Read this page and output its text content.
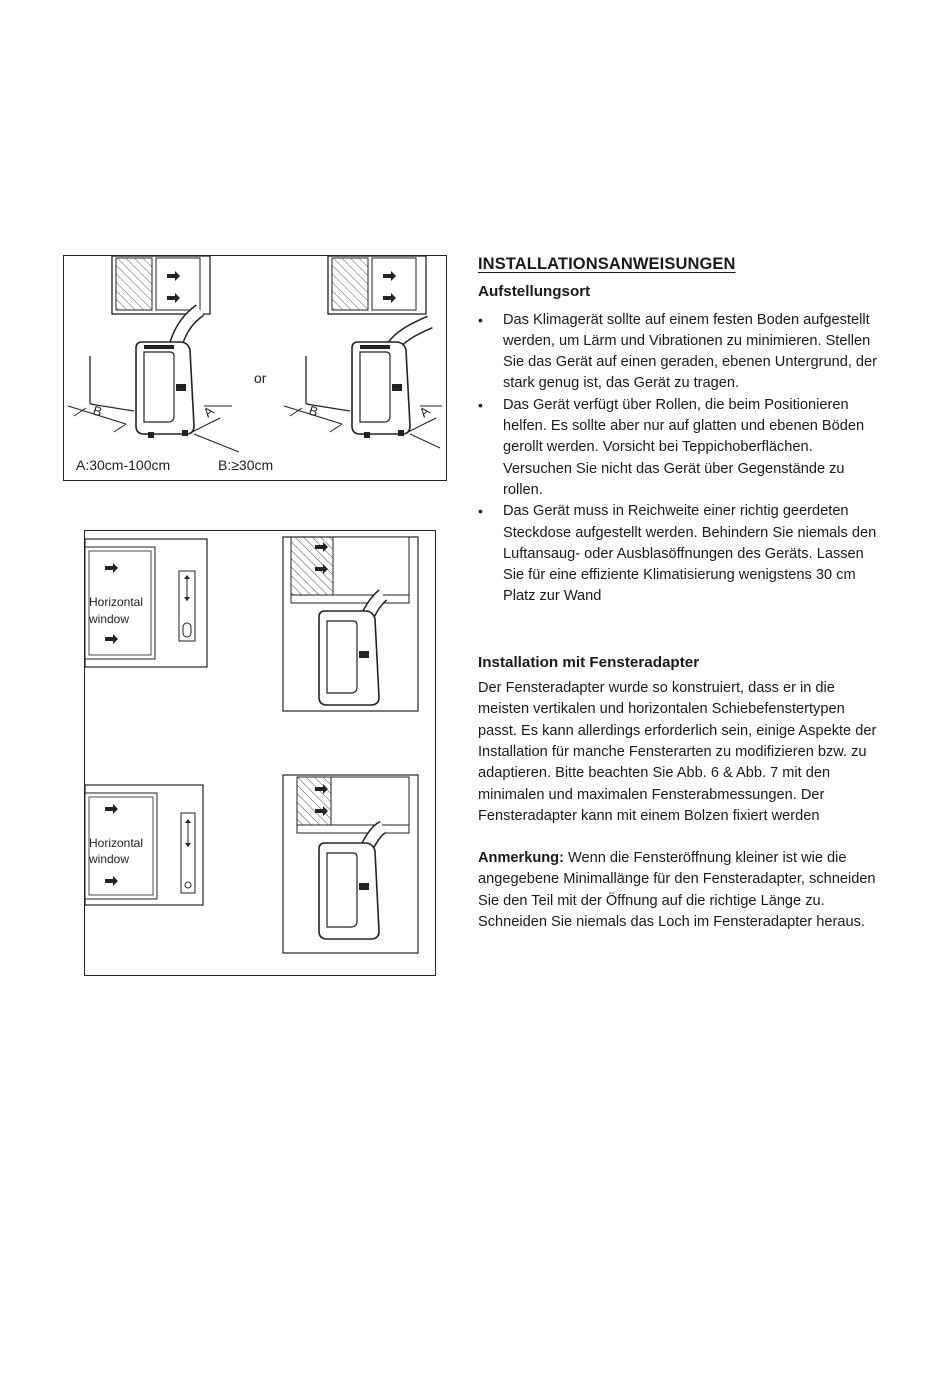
B	A
or
B	A
A:30cm-100cm	B:≥30cm
Horizontal
window
Horizontal
window
INSTALLATIONSANWEISUNGEN
Aufstellungsort
• Das Klimagerät sollte auf einem festen Boden aufgestellt werden, um Lärm und Vibrationen zu minimieren. Stellen Sie das Gerät auf einen geraden, ebenen Untergrund, der stark genug ist, das Gerät zu tragen.
• Das Gerät verfügt über Rollen, die beim Positionieren helfen. Es sollte aber nur auf glatten und ebenen Böden gerollt werden. Vorsicht bei Teppichoberflächen. Versuchen Sie nicht das Gerät über Gegenstände zu rollen.
• Das Gerät muss in Reichweite einer richtig geerdeten Steckdose aufgestellt werden. Behindern Sie niemals den Luftansaug- oder Ausblasöffnungen des Geräts. Lassen Sie für eine effiziente Klimatisierung wenigstens 30 cm Platz zur Wand
Installation mit Fensteradapter

Der Fensteradapter wurde so konstruiert, dass er in die meisten vertikalen und horizontalen Schiebefenstertypen passt. Es kann allerdings erforderlich sein, einige Aspekte der Installation für manche Fensterarten zu modifizieren bzw. zu adaptieren. Bitte beachten Sie Abb. 6 & Abb. 7 mit den minimalen und maximalen Fensterabmessungen. Der Fensteradapter kann mit einem Bolzen fixiert werden

Anmerkung: Wenn die Fensteröffnung kleiner ist wie die angegebene Minimallänge für den Fensteradapter, schneiden Sie den Teil mit der Öffnung auf die richtige Länge zu. Schneiden Sie niemals das Loch im Fensteradapter heraus.
